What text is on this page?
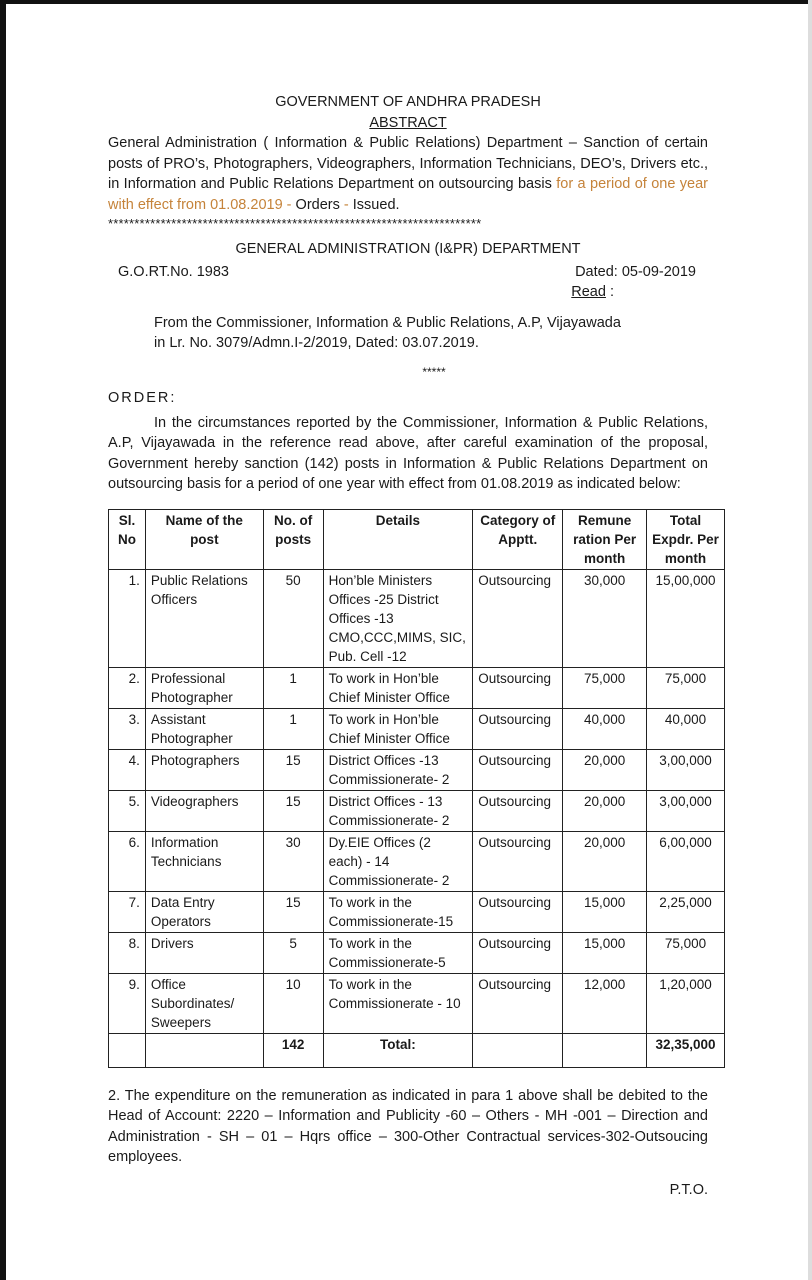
GOVERNMENT OF ANDHRA PRADESH
ABSTRACT
General Administration ( Information & Public Relations) Department – Sanction of certain posts of PRO’s, Photographers, Videographers, Information Technicians, DEO’s, Drivers etc., in Information and Public Relations Department on outsourcing basis for a period of one year with effect from 01.08.2019 - Orders - Issued.
***********************************************************************
GENERAL ADMINISTRATION (I&PR) DEPARTMENT
G.O.RT.No. 1983	Dated: 05-09-2019
Read :
From the Commissioner, Information & Public Relations, A.P, Vijayawada
in Lr. No. 3079/Admn.I-2/2019, Dated: 03.07.2019.
*****
ORDER:
In the circumstances reported by the Commissioner, Information & Public Relations, A.P, Vijayawada in the reference read above, after careful examination of the proposal, Government hereby sanction (142) posts in Information & Public Relations Department on outsourcing basis for a period of one year with effect from 01.08.2019 as indicated below:
Sl. No	Name of the post	No. of posts	Details	Category of Apptt.	Remune ration Per month	Total Expdr. Per month
1.	Public Relations Officers	50	Hon’ble Ministers Offices -25 District Offices -13 CMO,CCC,MIMS, SIC, Pub. Cell -12	Outsourcing	30,000	15,00,000
2.	Professional Photographer	1	To work in Hon’ble Chief Minister Office	Outsourcing	75,000	75,000
3.	Assistant Photographer	1	To work in Hon’ble Chief Minister Office	Outsourcing	40,000	40,000
4.	Photographers	15	District Offices -13 Commissionerate- 2	Outsourcing	20,000	3,00,000
5.	Videographers	15	District Offices - 13 Commissionerate- 2	Outsourcing	20,000	3,00,000
6.	Information Technicians	30	Dy.EIE Offices (2 each) - 14 Commissionerate- 2	Outsourcing	20,000	6,00,000
7.	Data Entry Operators	15	To work in the Commissionerate-15	Outsourcing	15,000	2,25,000
8.	Drivers	5	To work in the Commissionerate-5	Outsourcing	15,000	75,000
9.	Office Subordinates/ Sweepers	10	To work in the Commissionerate - 10	Outsourcing	12,000	1,20,000
		142	Total:			32,35,000
2. The expenditure on the remuneration as indicated in para 1 above shall be debited to the Head of Account: 2220 – Information and Publicity -60 – Others - MH -001 – Direction and Administration - SH – 01 – Hqrs office – 300-Other Contractual services-302-Outsoucing employees.
P.T.O.
